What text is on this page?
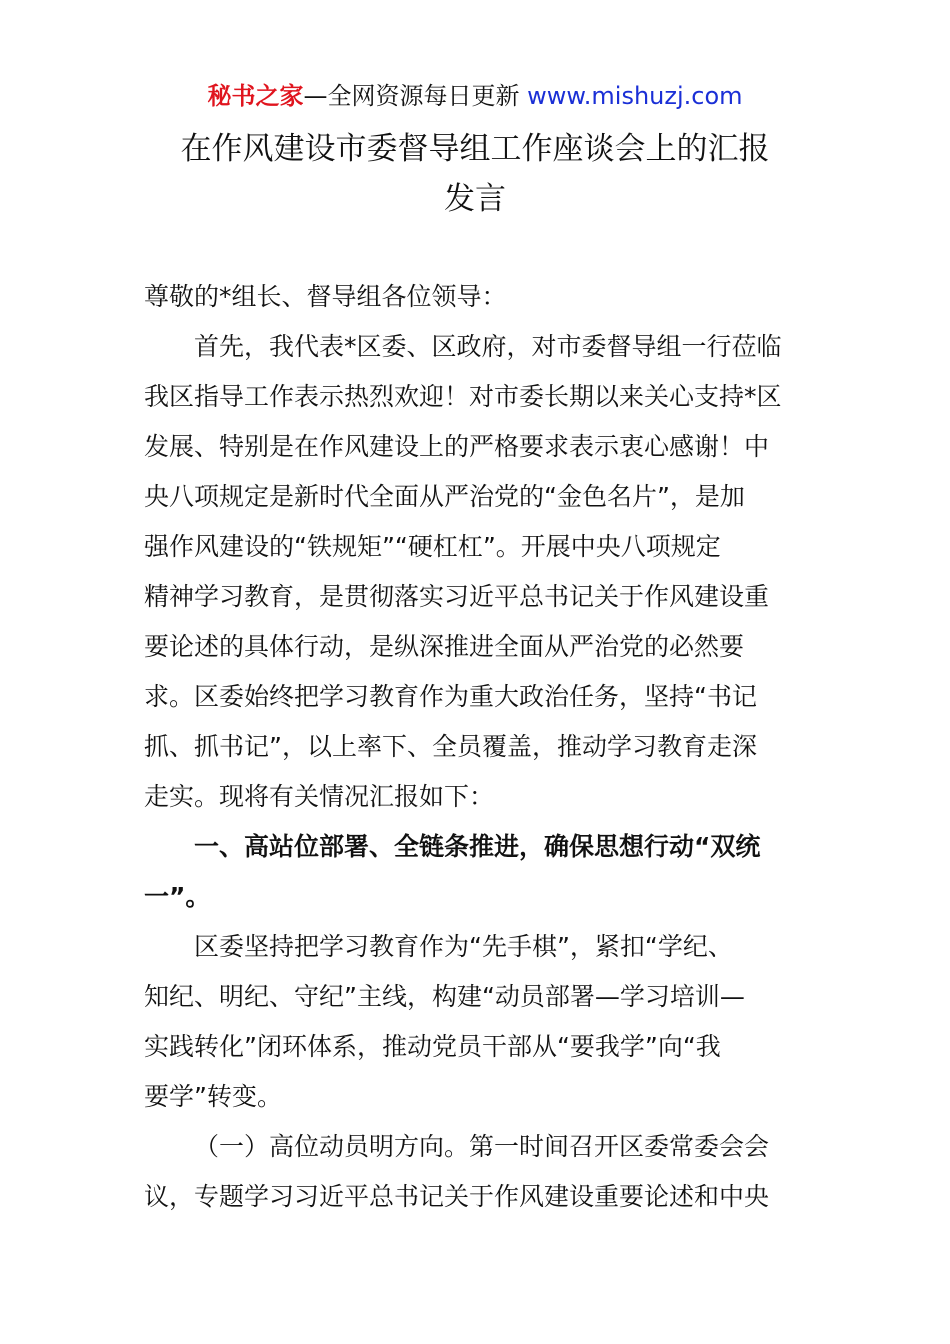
秘书之家—全网资源每日更新 www.mishuzj.com
在作风建设市委督导组工作座谈会上的汇报
发言
尊敬的*组长、督导组各位领导：
首先，我代表*区委、区政府，对市委督导组一行莅临
我区指导工作表示热烈欢迎！对市委长期以来关心支持*区
发展、特别是在作风建设上的严格要求表示衷心感谢！中
央八项规定是新时代全面从严治党的“金色名片”，是加
强作风建设的“铁规矩”“硬杠杠”。开展中央八项规定
精神学习教育，是贯彻落实习近平总书记关于作风建设重
要论述的具体行动，是纵深推进全面从严治党的必然要
求。区委始终把学习教育作为重大政治任务，坚持“书记
抓、抓书记”，以上率下、全员覆盖，推动学习教育走深
走实。现将有关情况汇报如下：
一、高站位部署、全链条推进，确保思想行动“双统
一”。
区委坚持把学习教育作为“先手棋”，紧扣“学纪、
知纪、明纪、守纪”主线，构建“动员部署—学习培训—
实践转化”闭环体系，推动党员干部从“要我学”向“我
要学”转变。
（一）高位动员明方向。第一时间召开区委常委会会
议，专题学习习近平总书记关于作风建设重要论述和中央
